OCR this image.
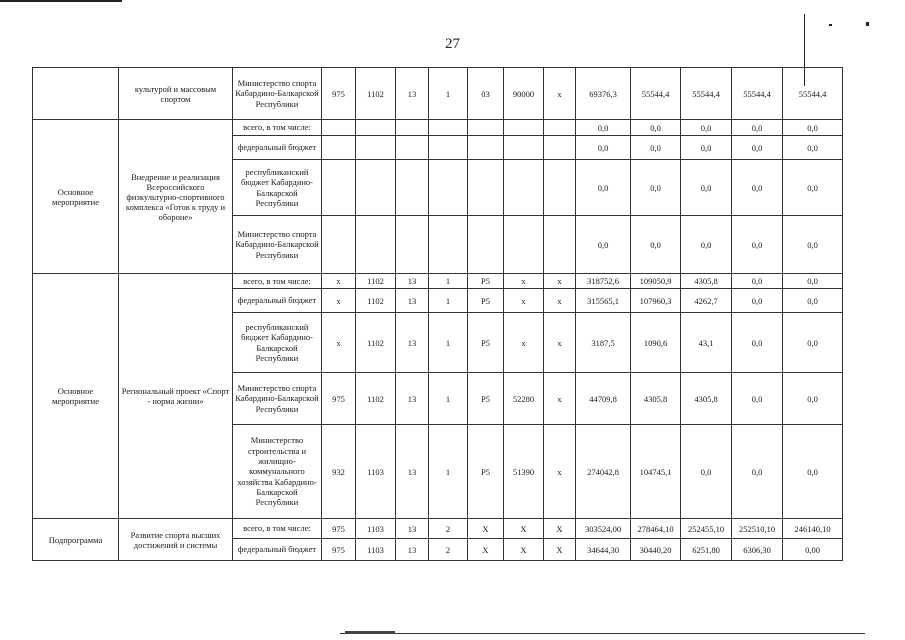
27
	культурой и массовым спортом	Министерство спорта Кабардино-Балкарской Республики	975	1102	13	1	03	90000	х	69376,3	55544,4	55544,4	55544,4	55544,4
Основное мероприятие	Внедрение и реализация Всероссийского физкультурно-спортивного комплекса «Готов к труду и обороне»	всего, в том числе:								0,0	0,0	0,0	0,0	0,0
		федеральный бюджет								0,0	0,0	0,0	0,0	0,0
		республиканский бюджет Кабардино-Балкарской Республики								0,0	0,0	0,0	0,0	0,0
		Министерство спорта Кабардино-Балкарской Республики								0,0	0,0	0,0	0,0	0,0
Основное мероприятие	Региональный проект «Спорт - норма жизни»	всего, в том числе:	х	1102	13	1	Р5	х	х	318752,6	109050,9	4305,8	0,0	0,0
		федеральный бюджет	х	1102	13	1	Р5	х	х	315565,1	107960,3	4262,7	0,0	0,0
		республиканский бюджет Кабардино-Балкарской Республики	х	1102	13	1	Р5	х	х	3187,5	1090,6	43,1	0,0	0,0
		Министерство спорта Кабардино-Балкарской Республики	975	1102	13	1	Р5	52280	х	44709,8	4305,8	4305,8	0,0	0,0
		Министерство строительства и жилищно-коммунального хозяйства Кабардино-Балкарской Республики	932	1103	13	1	Р5	51390	х	274042,8	104745,1	0,0	0,0	0,0
Подпрограмма	Развитие спорта высших достижений и системы	всего, в том числе:	975	1103	13	2	Х	Х	Х	303524,00	278464,10	252455,10	252510,10	246140,10
		федеральный бюджет	975	1103	13	2	Х	Х	Х	34644,30	30440,20	6251,80	6306,30	0,00
